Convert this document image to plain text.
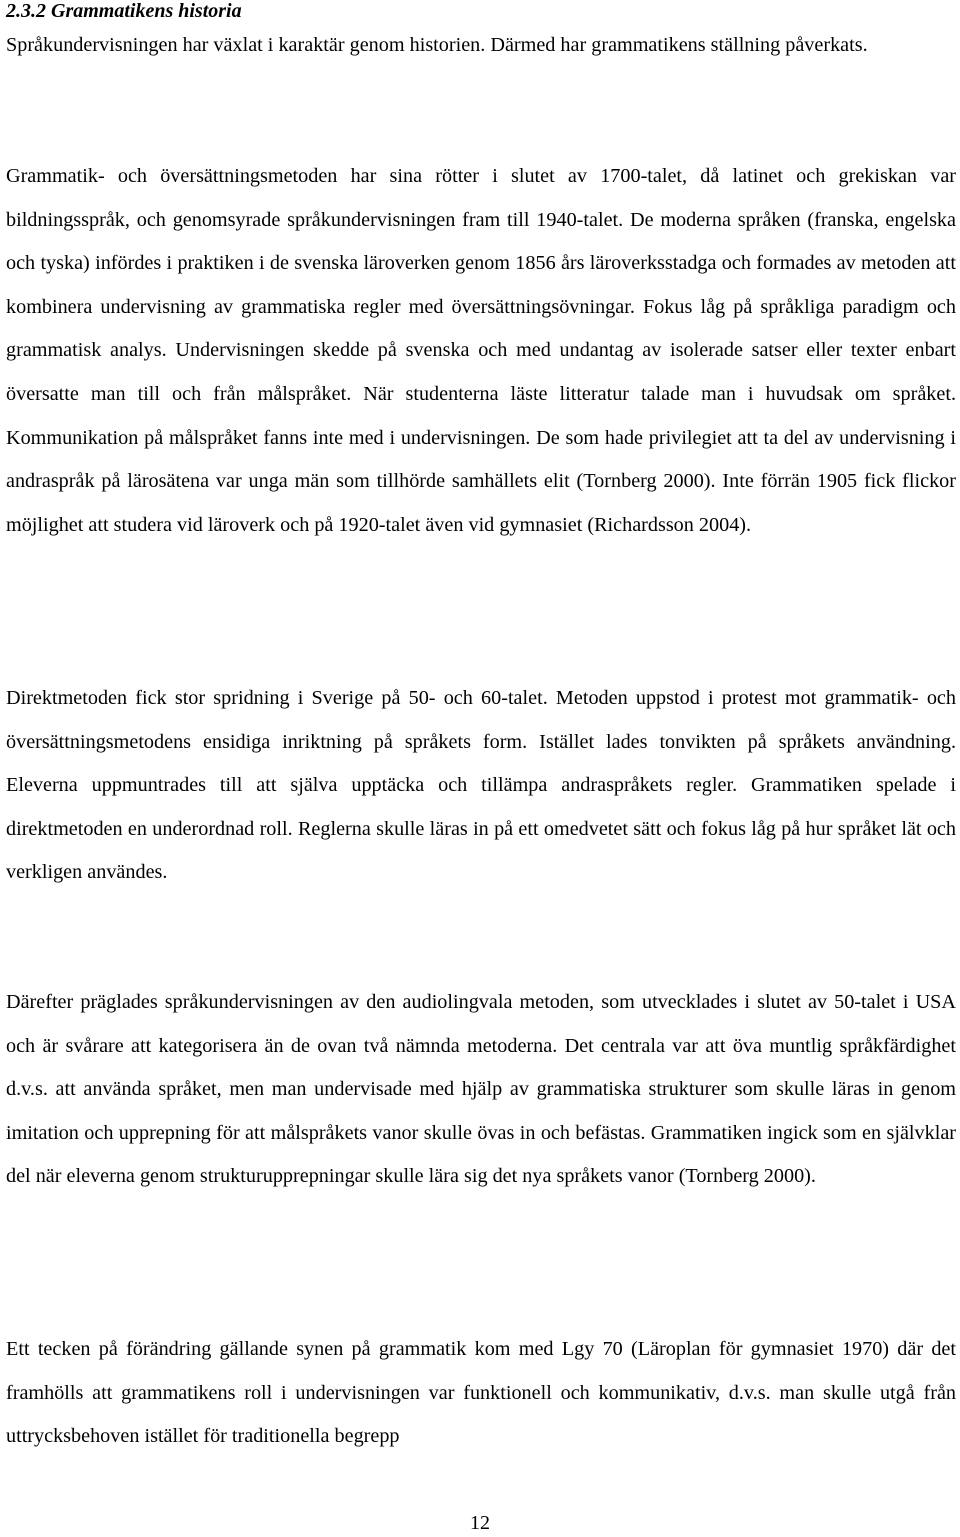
2.3.2 Grammatikens historia

Språkundervisningen har växlat i karaktär genom historien. Därmed har grammatikens ställning påverkats.

Grammatik- och översättningsmetoden har sina rötter i slutet av 1700-talet, då latinet och grekiskan var bildningsspråk, och genomsyrade språkundervisningen fram till 1940-talet. De moderna språken (franska, engelska och tyska) infördes i praktiken i de svenska läroverken genom 1856 års läroverksstadga och formades av metoden att kombinera undervisning av grammatiska regler med översättningsövningar. Fokus låg på språkliga paradigm och grammatisk analys. Undervisningen skedde på svenska och med undantag av isolerade satser eller texter enbart översatte man till och från målspråket. När studenterna läste litteratur talade man i huvudsak om språket. Kommunikation på målspråket fanns inte med i undervisningen. De som hade privilegiet att ta del av undervisning i andraspråk på lärosätena var unga män som tillhörde samhällets elit (Tornberg 2000). Inte förrän 1905 fick flickor möjlighet att studera vid läroverk och på 1920-talet även vid gymnasiet (Richardsson 2004).

Direktmetoden fick stor spridning i Sverige på 50- och 60-talet. Metoden uppstod i protest mot grammatik- och översättningsmetodens ensidiga inriktning på språkets form. Istället lades tonvikten på språkets användning. Eleverna uppmuntrades till att själva upptäcka och tillämpa andraspråkets regler. Grammatiken spelade i direktmetoden en underordnad roll. Reglerna skulle läras in på ett omedvetet sätt och fokus låg på hur språket lät och verkligen användes.

Därefter präglades språkundervisningen av den audiolingvala metoden, som utvecklades i slutet av 50-talet i USA och är svårare att kategorisera än de ovan två nämnda metoderna. Det centrala var att öva muntlig språkfärdighet d.v.s. att använda språket, men man undervisade med hjälp av grammatiska strukturer som skulle läras in genom imitation och upprepning för att målspråkets vanor skulle övas in och befästas. Grammatiken ingick som en självklar del när eleverna genom strukturupprepningar skulle lära sig det nya språkets vanor (Tornberg 2000).

Ett tecken på förändring gällande synen på grammatik kom med Lgy 70 (Läroplan för gymnasiet 1970) där det framhölls att grammatikens roll i undervisningen var funktionell och kommunikativ, d.v.s. man skulle utgå från uttrycksbehoven istället för traditionella begrepp

12
